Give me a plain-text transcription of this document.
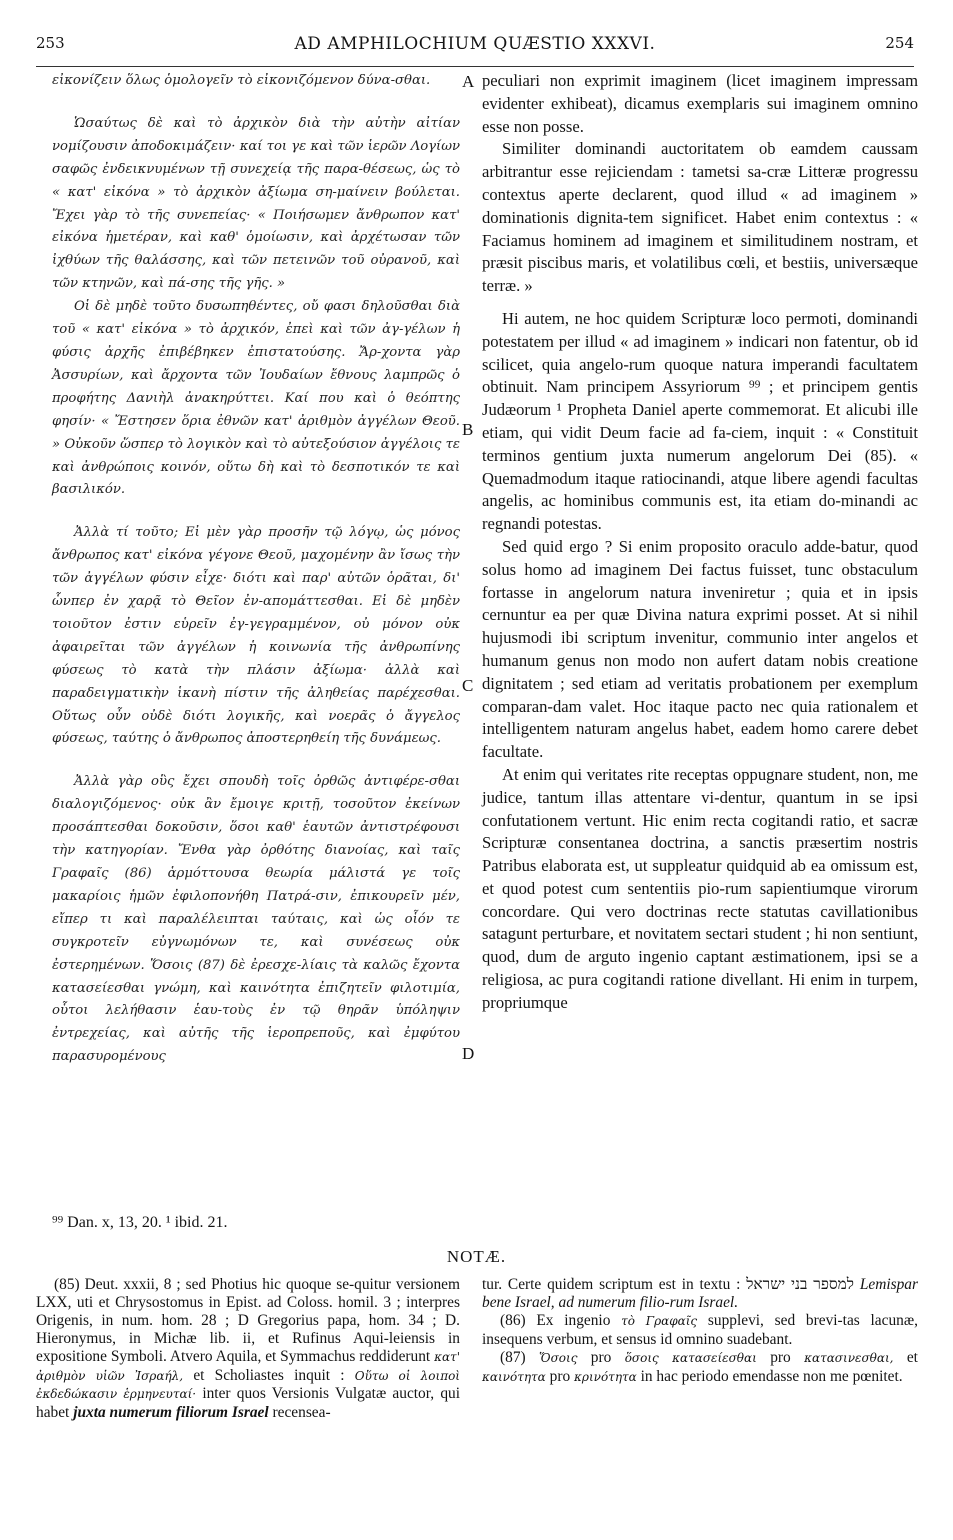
253	AD AMPHILOCHIUM QUÆSTIO XXXVI.	254

εἰκονίζειν ὅλως ὁμολογεῖν τὸ εἰκονιζόμενον δύνα-σθαι.

Ὡσαύτως δὲ καὶ τὸ ἀρχικὸν διὰ τὴν αὐτὴν αἰτίαν νομίζουσιν ἀποδοκιμάζειν· καί τοι γε καὶ τῶν ἱερῶν Λογίων σαφῶς ἐνδεικνυμένων τῇ συνεχείᾳ τῆς παρα-θέσεως, ὡς τὸ « κατ' εἰκόνα » τὸ ἀρχικὸν ἀξίωμα ση-μαίνειν βούλεται. Ἔχει γὰρ τὸ τῆς συνεπείας· « Ποιήσωμεν ἄνθρωπον κατ' εἰκόνα ἡμετέραν, καὶ καθ' ὁμοίωσιν, καὶ ἀρχέτωσαν τῶν ἰχθύων τῆς θαλάσσης, καὶ τῶν πετεινῶν τοῦ οὐρανοῦ, καὶ τῶν κτηνῶν, καὶ πά-σης τῆς γῆς. »

Οἱ δὲ μηδὲ τοῦτο δυσωπηθέντες, οὔ φασι δηλοῦσθαι διὰ τοῦ « κατ' εἰκόνα » τὸ ἀρχικόν, ἐπεὶ καὶ τῶν ἀγ-γέλων ἡ φύσις ἀρχῆς ἐπιβέβηκεν ἐπιστατούσης. Ἄρ-χοντα γὰρ Ἀσσυρίων, καὶ ἄρχοντα τῶν Ἰουδαίων ἔθνους λαμπρῶς ὁ προφήτης Δανιὴλ ἀνακηρύττει. Καί που καὶ ὁ θεόπτης φησίν· « Ἔστησεν ὅρια ἐθνῶν κατ' ἀριθμὸν ἀγγέλων Θεοῦ. » Οὐκοῦν ὥσπερ τὸ λογικὸν καὶ τὸ αὐτεξούσιον ἀγγέλοις τε καὶ ἀνθρώποις κοινόν, οὕτω δὴ καὶ τὸ δεσποτικόν τε καὶ βασιλικόν.

Ἀλλὰ τί τοῦτο; Εἰ μὲν γὰρ προσῆν τῷ λόγῳ, ὡς μόνος ἄνθρωπος κατ' εἰκόνα γέγονε Θεοῦ, μαχομένην ἂν ἴσως τὴν τῶν ἀγγέλων φύσιν εἶχε· διότι καὶ παρ' αὐτῶν ὁρᾶται, δι' ὧνπερ ἐν χαρᾷ τὸ Θεῖον ἐν-απομάττεσθαι. Εἰ δὲ μηδὲν τοιοῦτον ἐστιν εὑρεῖν ἐγ-γεγραμμένον, οὐ μόνον οὐκ ἀφαιρεῖται τῶν ἀγγέλων ἡ κοινωνία τῆς ἀνθρωπίνης φύσεως τὸ κατὰ τὴν πλάσιν ἀξίωμα· ἀλλὰ καὶ παραδειγματικὴν ἱκανὴ πίστιν τῆς ἀληθείας παρέχεσθαι. Οὕτως οὖν οὐδὲ διότι λογικῆς, καὶ νοερᾶς ὁ ἄγγελος φύσεως, ταύτης ὁ ἄνθρωπος ἀποστερηθείη τῆς δυνάμεως.

Ἀλλὰ γὰρ οὓς ἔχει σπουδὴ τοῖς ὀρθῶς ἀντιφέρε-σθαι διαλογιζόμενος· οὐκ ἂν ἔμοιγε κριτῇ, τοσοῦτον ἐκείνων προσάπτεσθαι δοκοῦσιν, ὅσοι καθ' ἑαυτῶν ἀντιστρέφουσι τὴν κατηγορίαν. Ἔνθα γὰρ ὀρθότης διανοίας, καὶ ταῖς Γραφαῖς (86) ἁρμόττουσα θεωρία μάλιστά γε τοῖς μακαρίοις ἡμῶν ἐφιλοπονήθη Πατρά-σιν, ἐπικουρεῖν μέν, εἴπερ τι καὶ παραλέλειπται ταύταις, καὶ ὡς οἷόν τε συγκροτεῖν εὐγνωμόνων τε, καὶ συνέσεως οὐκ ἐστερημένων. Ὅσοις (87) δὲ ἐρεσχε-λίαις τὰ καλῶς ἔχοντα κατασείεσθαι γνώμη, καὶ καινότητα ἐπιζητεῖν φιλοτιμία, οὗτοι λελήθασιν ἑαυ-τοὺς ἐν τῷ θηρᾶν ὑπόληψιν ἐντρεχείας, καὶ αὐτῆς τῆς ἱεροπρεποῦς, καὶ ἐμφύτου παρασυρομένους

A
B
C
D

peculiari non exprimit imaginem (licet imaginem impressam evidenter exhibeat), dicamus exemplaris sui imaginem omnino esse non posse.

Similiter dominandi auctoritatem ob eamdem caussam arbitrantur esse rejiciendam : tametsi sa-cræ Litteræ progressu contextus aperte declarent, quod illud « ad imaginem » dominationis dignita-tem significet. Habet enim contextus : « Faciamus hominem ad imaginem et similitudinem nostram, et præsit piscibus maris, et volatilibus cœli, et bestiis, universæque terræ. »

Hi autem, ne hoc quidem Scripturæ loco permoti, dominandi potestatem per illud « ad imaginem » indicari non fatentur, ob id scilicet, quia angelo-rum quoque natura imperandi facultatem obtinuit. Nam principem Assyriorum ⁹⁹ ; et principem gentis Judæorum ¹ Propheta Daniel aperte commemorat. Et alicubi ille etiam, qui vidit Deum facie ad fa-ciem, inquit : « Constituit terminos gentium juxta numerum angelorum Dei (85). « Quemadmodum itaque ratiocinandi, atque libere agendi facultas angelis, ac hominibus communis est, ita etiam do-minandi ac regnandi potestas.

Sed quid ergo ? Si enim proposito oraculo adde-batur, quod solus homo ad imaginem Dei factus fuisset, tunc obstaculum fortasse in angelorum natura inveniretur ; quia et in ipsis cernuntur ea per quæ Divina natura exprimi posset. At si nihil hujusmodi ibi scriptum invenitur, communio inter angelos et humanum genus non modo non aufert datam nobis creatione dignitatem ; sed etiam ad veritatis probationem per exemplum comparan-dam valet. Hoc itaque pacto nec quia rationalem et intelligentem naturam angelus habet, eadem homo carere debet facultate.

At enim qui veritates rite receptas oppugnare student, non, me judice, tantum illas attentare vi-dentur, quantum in se ipsi confutationem vertunt. Hic enim recta cogitandi ratio, et sacræ Scripturæ consentanea doctrina, a sanctis præsertim nostris Patribus elaborata est, ut suppleatur quidquid ab ea omissum est, et quod potest cum sententiis pio-rum sapientiumque virorum concordare. Qui vero doctrinas recte statutas cavillationibus satagunt perturbare, et novitatem sectari student ; hi non sentiunt, quod, dum de arguto ingenio captant æstimationem, ipsi se a religiosa, ac pura cogitandi ratione divellant. Hi enim in turpem, propriumque

⁹⁹ Dan. x, 13, 20. ¹ ibid. 21.
NOTÆ.

(85) Deut. xxxii, 8 ; sed Photius hic quoque se-quitur versionem LXX, uti et Chrysostomus in Epist. ad Coloss. homil. 3 ; interpres Origenis, in num. hom. 28 ; D Gregorius papa, hom. 34 ; D. Hieronymus, in Michæ lib. ii, et Rufinus Aqui-leiensis in expositione Symboli. Atvero Aquila, et Symmachus reddiderunt κατ' ἀριθμὸν υἱῶν Ἰσραήλ, et Scholiastes inquit : Οὕτω οἱ λοιποὶ ἐκδεδώκασιν ἑρμηνευταί· inter quos Versionis Vulgatæ auctor, qui habet juxta numerum filiorum Israel recensea-

tur. Certe quidem scriptum est in textu : למספר בני ישראל Lemispar bene Israel, ad numerum filio-rum Israel.

(86) Ex ingenio τὸ Γραφαῖς supplevi, sed brevi-tas lacunæ, insequens verbum, et sensus id omnino suadebant.

(87) Ὅσοις pro ὅσοις κατασείεσθαι pro κατασινεσθαι, et καινότητα pro κρινότητα in hac periodo emendasse non me pœnitet.
